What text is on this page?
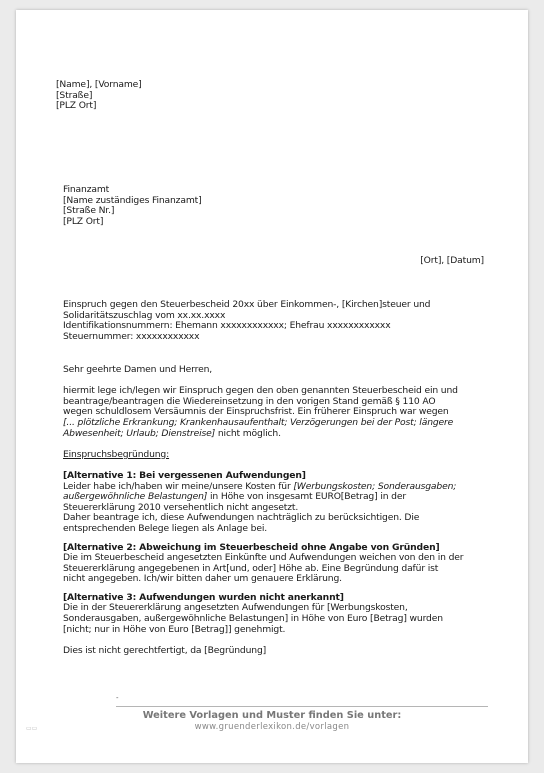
[Name], [Vorname]
[Straße]
[PLZ Ort]
Finanzamt
[Name zuständiges Finanzamt]
[Straße Nr.]
[PLZ Ort]
[Ort], [Datum]
Einspruch gegen den Steuerbescheid 20xx über Einkommen-, [Kirchen]steuer und
Solidaritätszuschlag vom xx.xx.xxxx
Identifikationsnummern: Ehemann xxxxxxxxxxxx; Ehefrau xxxxxxxxxxxx
Steuernummer: xxxxxxxxxxxx
Sehr geehrte Damen und Herren,
hiermit lege ich/legen wir Einspruch gegen den oben genannten Steuerbescheid ein und
beantrage/beantragen die Wiedereinsetzung in den vorigen Stand gemäß § 110 AO
wegen schuldlosem Versäumnis der Einspruchsfrist. Ein früherer Einspruch war wegen
[... plötzliche Erkrankung; Krankenhausaufenthalt; Verzögerungen bei der Post; längere
Abwesenheit; Urlaub; Dienstreise] nicht möglich.
Einspruchsbegründung:
[Alternative 1: Bei vergessenen Aufwendungen]
Leider habe ich/haben wir meine/unsere Kosten für [Werbungskosten; Sonderausgaben;
außergewöhnliche Belastungen] in Höhe von insgesamt EURO[Betrag] in der
Steuererklärung 2010 versehentlich nicht angesetzt.
Daher beantrage ich, diese Aufwendungen nachträglich zu berücksichtigen. Die
entsprechenden Belege liegen als Anlage bei.
[Alternative 2: Abweichung im Steuerbescheid ohne Angabe von Gründen]
Die im Steuerbescheid angesetzten Einkünfte und Aufwendungen weichen von den in der
Steuererklärung angegebenen in Art[und, oder] Höhe ab. Eine Begründung dafür ist
nicht angegeben. Ich/wir bitten daher um genauere Erklärung.
[Alternative 3: Aufwendungen wurden nicht anerkannt]
Die in der Steuererklärung angesetzten Aufwendungen für [Werbungskosten,
Sonderausgaben, außergewöhnliche Belastungen] in Höhe von Euro [Betrag] wurden
[nicht; nur in Höhe von Euro [Betrag]] genehmigt.
Dies ist nicht gerechtfertigt, da [Begründung]
-
Weitere Vorlagen und Muster finden Sie unter:
www.gruenderlexikon.de/vorlagen
▭▭
